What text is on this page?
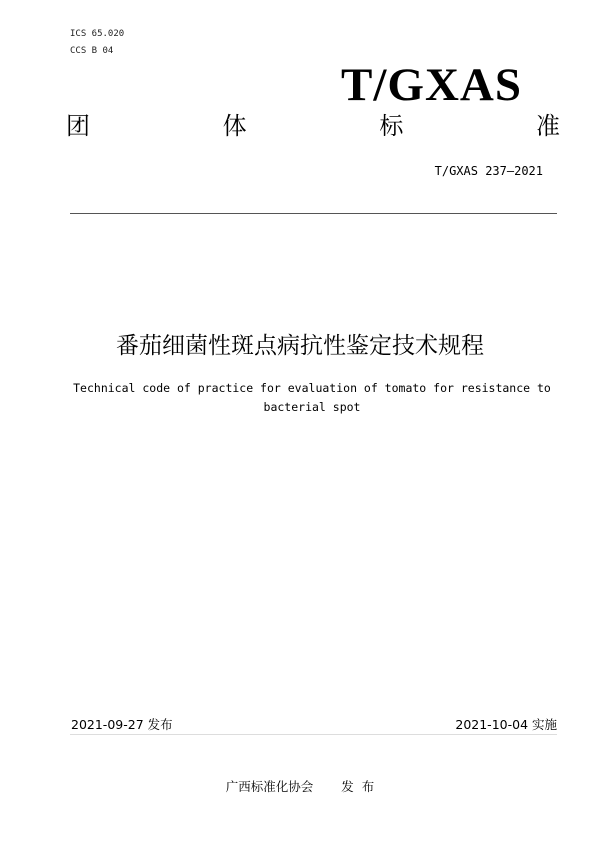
ICS 65.020
CCS B 04
T/GXAS
团	体	标	准
T/GXAS 237—2021
番茄细菌性斑点病抗性鉴定技术规程
Technical code of practice for evaluation of tomato for resistance to bacterial spot
2021-09-27 发布	2021-10-04 实施
广西标准化协会 发  布
